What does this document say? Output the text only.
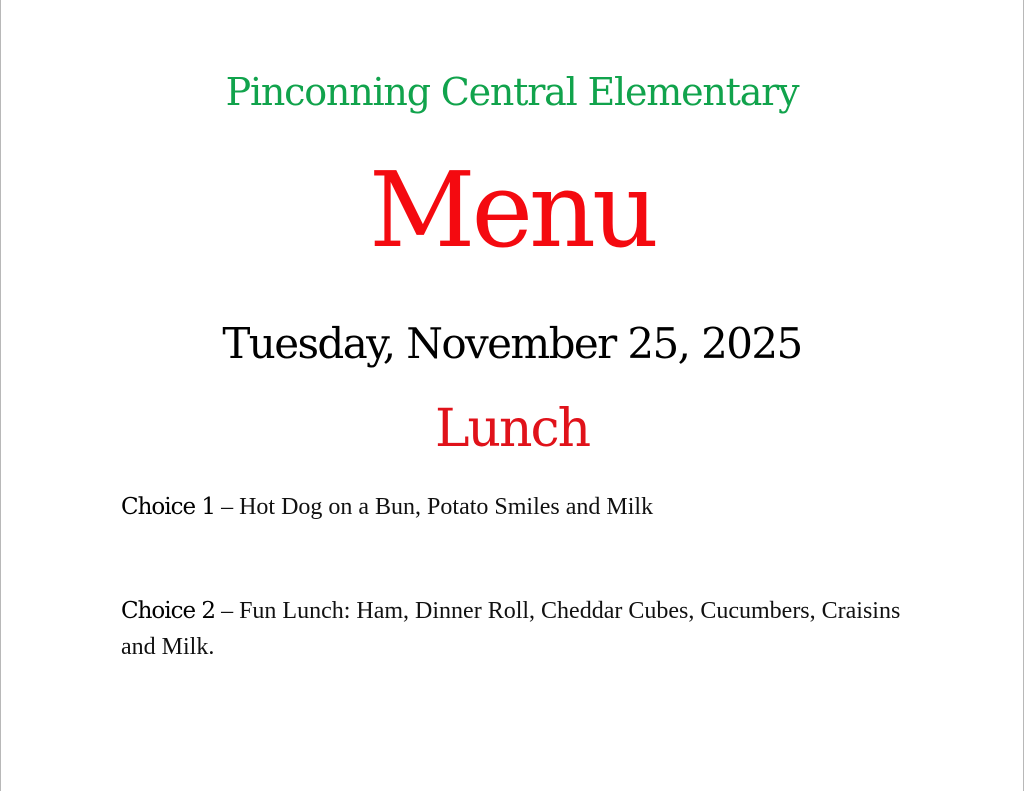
Pinconning Central Elementary
Menu
Tuesday, November 25, 2025
Lunch
Choice 1 – Hot Dog on a Bun, Potato Smiles and Milk
Choice 2 – Fun Lunch: Ham, Dinner Roll, Cheddar Cubes, Cucumbers, Craisins and Milk.
